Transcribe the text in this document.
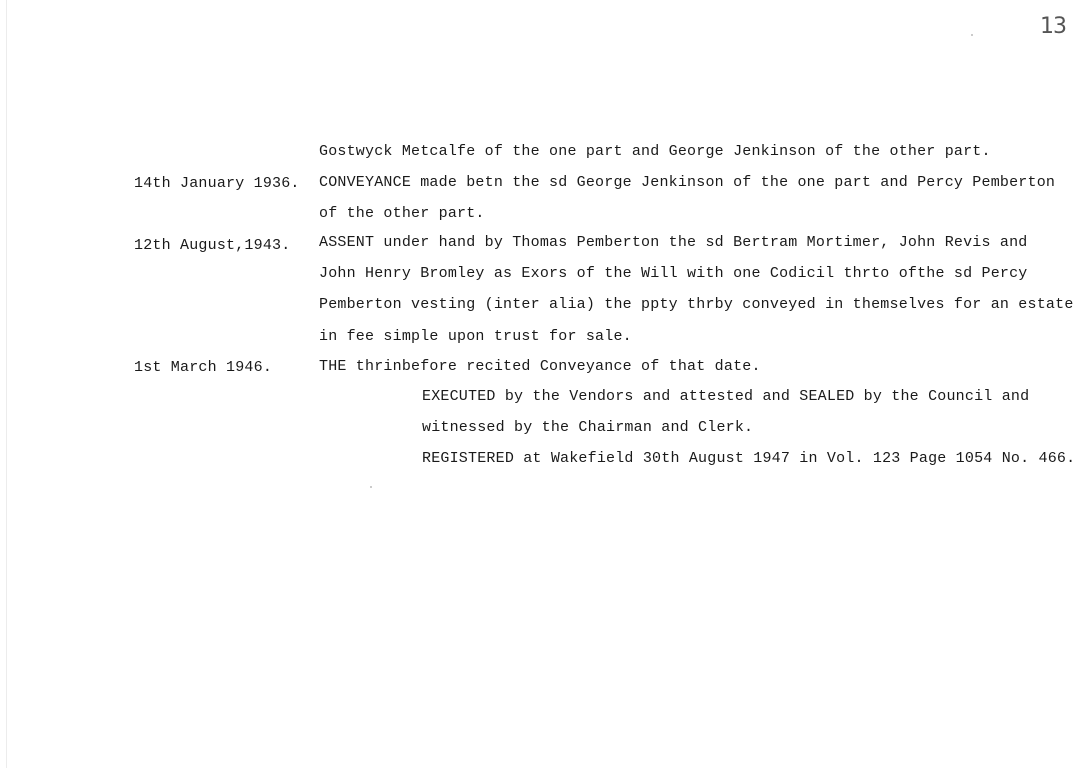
13
Gostwyck Metcalfe of the one part and George Jenkinson of the other part.
14th January 1936. CONVEYANCE made betn the sd George Jenkinson of the one part and Percy Pemberton
of the other part.
12th August,1943. ASSENT under hand by Thomas Pemberton the sd Bertram Mortimer, John Revis and
John Henry Bromley as Exors of the Will with one Codicil thrto ofthe sd Percy
Pemberton vesting (inter alia) the ppty thrby conveyed in themselves for an estate
in fee simple upon trust for sale.
1st March 1946.	THE thrinbefore recited Conveyance of that date.
EXECUTED by the Vendors and attested and SEALED by the Council and
witnessed by the Chairman and Clerk.
REGISTERED at Wakefield 30th August 1947 in Vol. 123 Page 1054 No. 466.
